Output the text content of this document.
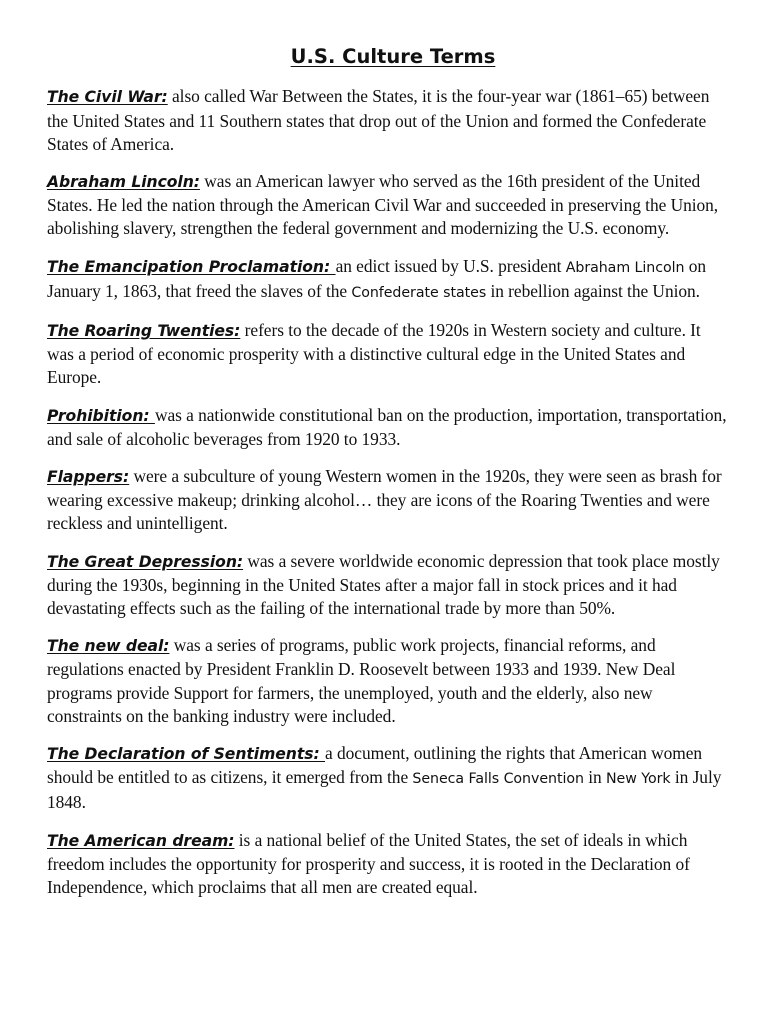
U.S. Culture Terms

The Civil War: also called War Between the States, it is the four-year war (1861–65) between the United States and 11 Southern states that drop out of the Union and formed the Confederate States of America.

Abraham Lincoln: was an American lawyer who served as the 16th president of the United States. He led the nation through the American Civil War and succeeded in preserving the Union, abolishing slavery, strengthen the federal government and modernizing the U.S. economy.

The Emancipation Proclamation: an edict issued by U.S. president Abraham Lincoln on January 1, 1863, that freed the slaves of the Confederate states in rebellion against the Union.

The Roaring Twenties: refers to the decade of the 1920s in Western society and culture. It was a period of economic prosperity with a distinctive cultural edge in the United States and Europe.

Prohibition: was a nationwide constitutional ban on the production, importation, transportation, and sale of alcoholic beverages from 1920 to 1933.

Flappers: were a subculture of young Western women in the 1920s, they were seen as brash for wearing excessive makeup; drinking alcohol… they are icons of the Roaring Twenties and were reckless and unintelligent.

The Great Depression: was a severe worldwide economic depression that took place mostly during the 1930s, beginning in the United States after a major fall in stock prices and it had devastating effects such as the failing of the international trade by more than 50%.

The new deal: was a series of programs, public work projects, financial reforms, and regulations enacted by President Franklin D. Roosevelt between 1933 and 1939. New Deal programs provide Support for farmers, the unemployed, youth and the elderly, also new constraints on the banking industry were included.

The Declaration of Sentiments: a document, outlining the rights that American women should be entitled to as citizens, it emerged from the Seneca Falls Convention in New York in July 1848.

The American dream: is a national belief of the United States, the set of ideals in which freedom includes the opportunity for prosperity and success, it is rooted in the Declaration of Independence, which proclaims that all men are created equal.
